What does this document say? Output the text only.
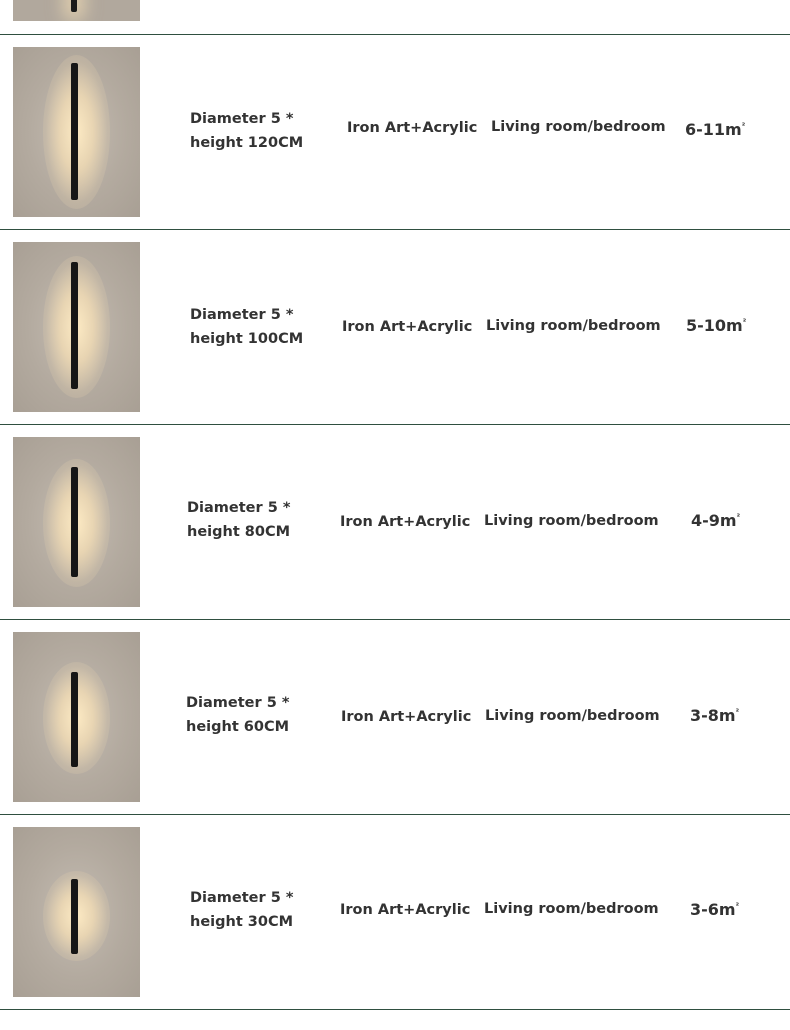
Diameter 5 *
height 120CM
Iron Art+Acrylic Living room/bedroom $6-11m^{^2}$
Diameter 5 *
height 100CM
Iron Art+Acrylic Living room/bedroom $5-10m^{^2}$
Diameter 5 *
height 80CM
Iron Art+Acrylic Living room/bedroom $4-9m^{^2}$
Diameter 5 *
height 60CM
Iron Art+Acrylic Living room/bedroom $3-8m^{^2}$
Diameter 5 *
height 30CM
Iron Art+Acrylic Living room/bedroom $3-6m^{^2}$
